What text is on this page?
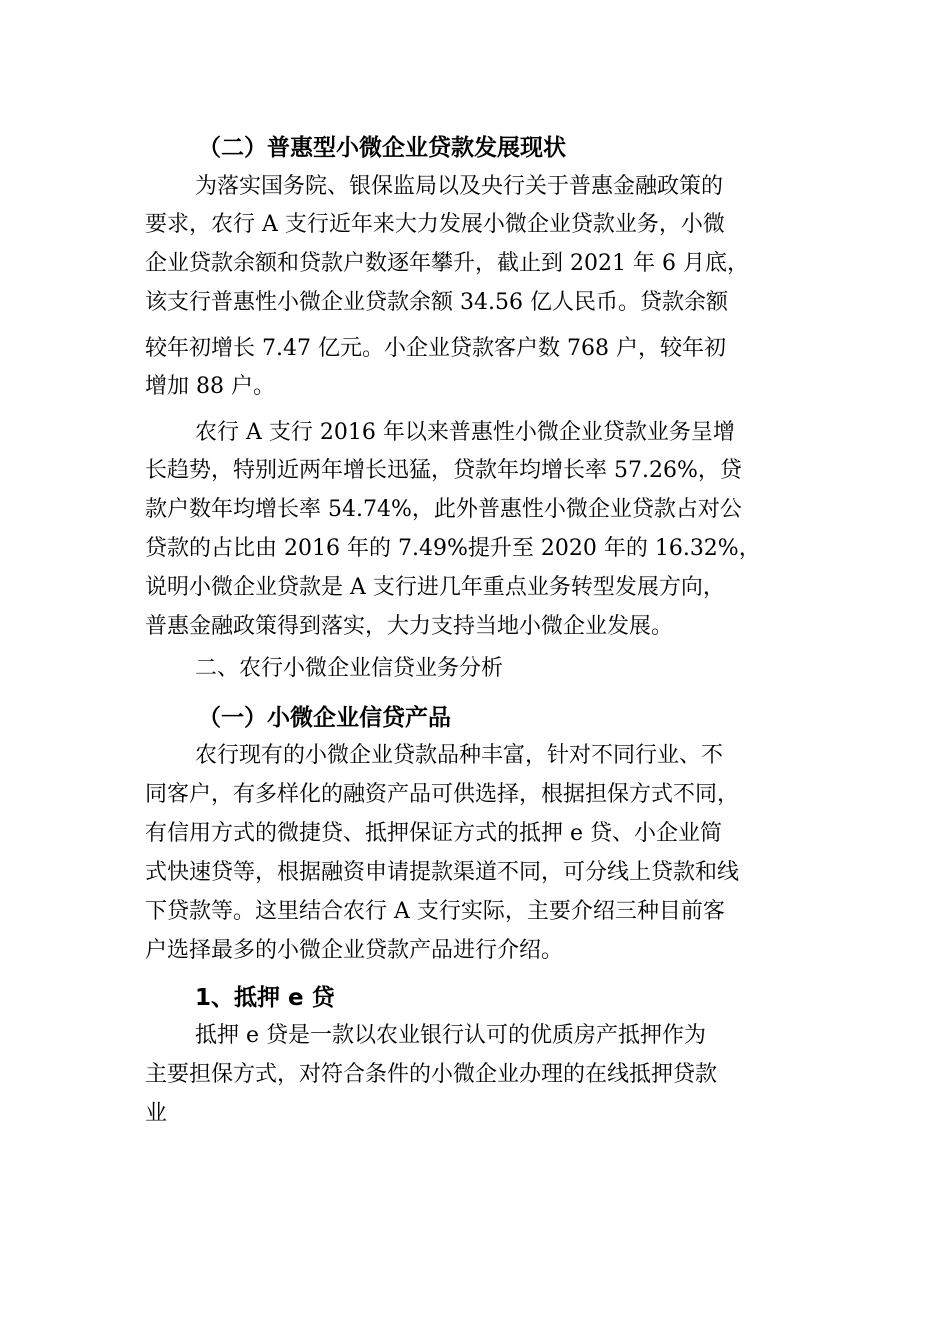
（二）普惠型小微企业贷款发展现状
为落实国务院、银保监局以及央行关于普惠金融政策的
要求，农行 A 支行近年来大力发展小微企业贷款业务，小微
企业贷款余额和贷款户数逐年攀升，截止到 2021 年 6 月底，
该支行普惠性小微企业贷款余额 34.56 亿人民币。贷款余额
较年初增长 7.47 亿元。小企业贷款客户数 768 户，较年初
增加 88 户。
农行 A 支行 2016 年以来普惠性小微企业贷款业务呈增
长趋势，特别近两年增长迅猛，贷款年均增长率 57.26%，贷
款户数年均增长率 54.74%，此外普惠性小微企业贷款占对公
贷款的占比由 2016 年的 7.49%提升至 2020 年的 16.32%，
说明小微企业贷款是 A 支行进几年重点业务转型发展方向，
普惠金融政策得到落实，大力支持当地小微企业发展。
二、农行小微企业信贷业务分析
（一）小微企业信贷产品
农行现有的小微企业贷款品种丰富，针对不同行业、不
同客户，有多样化的融资产品可供选择，根据担保方式不同，
有信用方式的微捷贷、抵押保证方式的抵押 e 贷、小企业简
式快速贷等，根据融资申请提款渠道不同，可分线上贷款和线
下贷款等。这里结合农行 A 支行实际，主要介绍三种目前客
户选择最多的小微企业贷款产品进行介绍。
1、抵押 e 贷
抵押 e 贷是一款以农业银行认可的优质房产抵押作为
主要担保方式，对符合条件的小微企业办理的在线抵押贷款
业
